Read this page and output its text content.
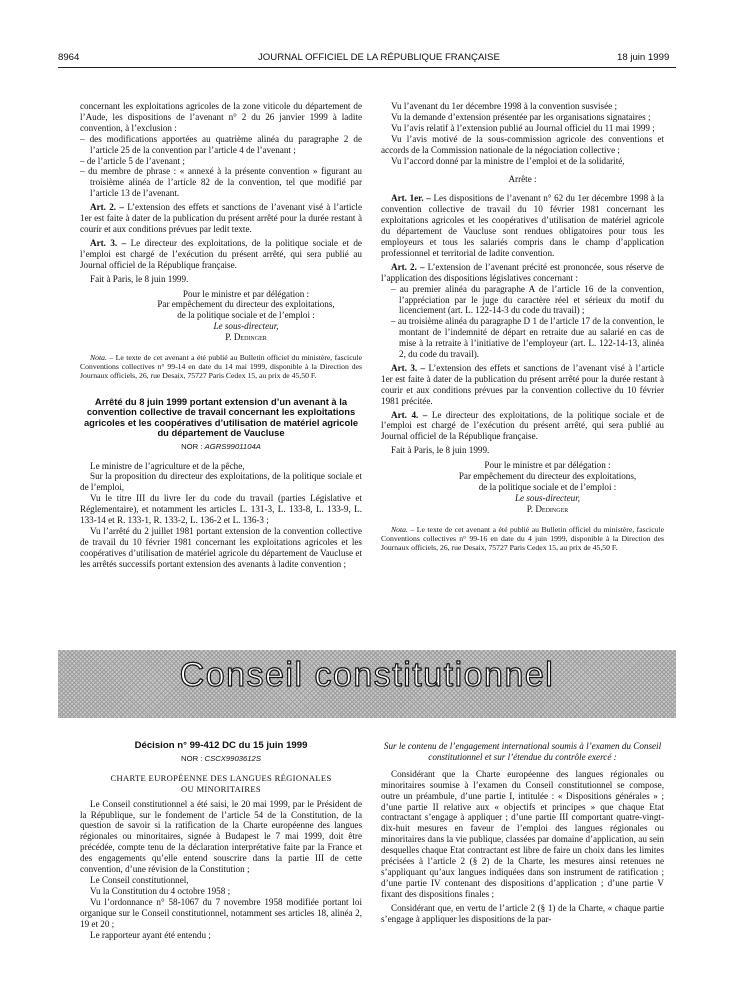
8964	JOURNAL OFFICIEL DE LA RÉPUBLIQUE FRANÇAISE	18 juin 1999

concernant les exploitations agricoles de la zone viticole du département de l’Aude, les dispositions de l’avenant n° 2 du 26 janvier 1999 à ladite convention, à l’exclusion :

– des modifications apportées au quatrième alinéa du paragraphe 2 de l’article 25 de la convention par l’article 4 de l’avenant ;

– de l’article 5 de l’avenant ;

– du membre de phrase : « annexé à la présente convention » figurant au troisième alinéa de l’article 82 de la convention, tel que modifié par l’article 13 de l’avenant.

Art. 2. – L’extension des effets et sanctions de l’avenant visé à l’article 1er est faite à dater de la publication du présent arrêté pour la durée restant à courir et aux conditions prévues par ledit texte.

Art. 3. – Le directeur des exploitations, de la politique sociale et de l’emploi est chargé de l’exécution du présent arrêté, qui sera publié au Journal officiel de la République française.

Fait à Paris, le 8 juin 1999.

Pour le ministre et par délégation :

Par empêchement du directeur des exploitations,

de la politique sociale et de l’emploi :

Le sous-directeur,

P. Dedinger

Nota. – Le texte de cet avenant a été publié au Bulletin officiel du ministère, fascicule Conventions collectives n° 99-14 en date du 14 mai 1999, disponible à la Direction des Journaux officiels, 26, rue Desaix, 75727 Paris Cedex 15, au prix de 45,50 F.

Arrêté du 8 juin 1999 portant extension d’un avenant à la convention collective de travail concernant les exploitations agricoles et les coopératives d’utilisation de matériel agricole du département de Vaucluse

NOR : AGRS9901104A

Le ministre de l’agriculture et de la pêche,

Sur la proposition du directeur des exploitations, de la politique sociale et de l’emploi,

Vu le titre III du livre Ier du code du travail (parties Législative et Réglementaire), et notamment les articles L. 131-3, L. 133-8, L. 133-9, L. 133-14 et R. 133-1, R. 133-2, L. 136-2 et L. 136-3 ;

Vu l’arrêté du 2 juillet 1981 portant extension de la convention collective de travail du 10 février 1981 concernant les exploitations agricoles et les coopératives d’utilisation de matériel agricole du département de Vaucluse et les arrêtés successifs portant extension des avenants à ladite convention ;

Vu l’avenant du 1er décembre 1998 à la convention susvisée ;

Vu la demande d’extension présentée par les organisations signataires ;

Vu l’avis relatif à l’extension publié au Journal officiel du 11 mai 1999 ;

Vu l’avis motivé de la sous-commission agricole des conventions et accords de la Commission nationale de la négociation collective ;

Vu l’accord donné par la ministre de l’emploi et de la solidarité,

Arrête :

Art. 1er. – Les dispositions de l’avenant n° 62 du 1er décembre 1998 à la convention collective de travail du 10 février 1981 concernant les exploitations agricoles et les coopératives d’utilisation de matériel agricole du département de Vaucluse sont rendues obligatoires pour tous les employeurs et tous les salariés compris dans le champ d’application professionnel et territorial de ladite convention.

Art. 2. – L’extension de l’avenant précité est prononcée, sous réserve de l’application des dispositions législatives concernant :

– au premier alinéa du paragraphe A de l’article 16 de la convention, l’appréciation par le juge du caractère réel et sérieux du motif du licenciement (art. L. 122-14-3 du code du travail) ;

– au troisième alinéa du paragraphe D 1 de l’article 17 de la convention, le montant de l’indemnité de départ en retraite due au salarié en cas de mise à la retraite à l’initiative de l’employeur (art. L. 122-14-13, alinéa 2, du code du travail).

Art. 3. – L’extension des effets et sanctions de l’avenant visé à l’article 1er est faite à dater de la publication du présent arrêté pour la durée restant à courir et aux conditions prévues par la convention collective du 10 février 1981 précitée.

Art. 4. – Le directeur des exploitations, de la politique sociale et de l’emploi est chargé de l’exécution du présent arrêté, qui sera publié au Journal officiel de la République française.

Fait à Paris, le 8 juin 1999.

Pour le ministre et par délégation :

Par empêchement du directeur des exploitations,

de la politique sociale et de l’emploi :

Le sous-directeur,

P. Dedinger

Nota. – Le texte de cet avenant a été publié au Bulletin officiel du ministère, fascicule Conventions collectives n° 99-16 en date du 4 juin 1999, disponible à la Direction des Journaux officiels, 26, rue Desaix, 75727 Paris Cedex 15, au prix de 45,50 F.

Conseil constitutionnel

Décision n° 99-412 DC du 15 juin 1999

NOR : CSCX9903612S

CHARTE EUROPÉENNE DES LANGUES RÉGIONALES

OU MINORITAIRES

Le Conseil constitutionnel a été saisi, le 20 mai 1999, par le Président de la République, sur le fondement de l’article 54 de la Constitution, de la question de savoir si la ratification de la Charte européenne des langues régionales ou minoritaires, signée à Budapest le 7 mai 1999, doit être précédée, compte tenu de la déclaration interprétative faite par la France et des engagements qu’elle entend souscrire dans la partie III de cette convention, d’une révision de la Constitution ;

Le Conseil constitutionnel,

Vu la Constitution du 4 octobre 1958 ;

Vu l’ordonnance n° 58-1067 du 7 novembre 1958 modifiée portant loi organique sur le Conseil constitutionnel, notamment ses articles 18, alinéa 2, 19 et 20 ;

Le rapporteur ayant été entendu ;

Sur le contenu de l’engagement international soumis à l’examen du Conseil constitutionnel et sur l’étendue du contrôle exercé :

Considérant que la Charte européenne des langues régionales ou minoritaires soumise à l’examen du Conseil constitutionnel se compose, outre un préambule, d’une partie I, intitulée : « Dispositions générales » ; d’une partie II relative aux « objectifs et principes » que chaque Etat contractant s’engage à appliquer ; d’une partie III comportant quatre-vingt-dix-huit mesures en faveur de l’emploi des langues régionales ou minoritaires dans la vie publique, classées par domaine d’application, au sein desquelles chaque Etat contractant est libre de faire un choix dans les limites précisées à l’article 2 (§ 2) de la Charte, les mesures ainsi retenues ne s’appliquant qu’aux langues indiquées dans son instrument de ratification ; d’une partie IV contenant des dispositions d’application ; d’une partie V fixant des dispositions finales ;

Considérant que, en vertu de l’article 2 (§ 1) de la Charte, « chaque partie s’engage à appliquer les dispositions de la par-
